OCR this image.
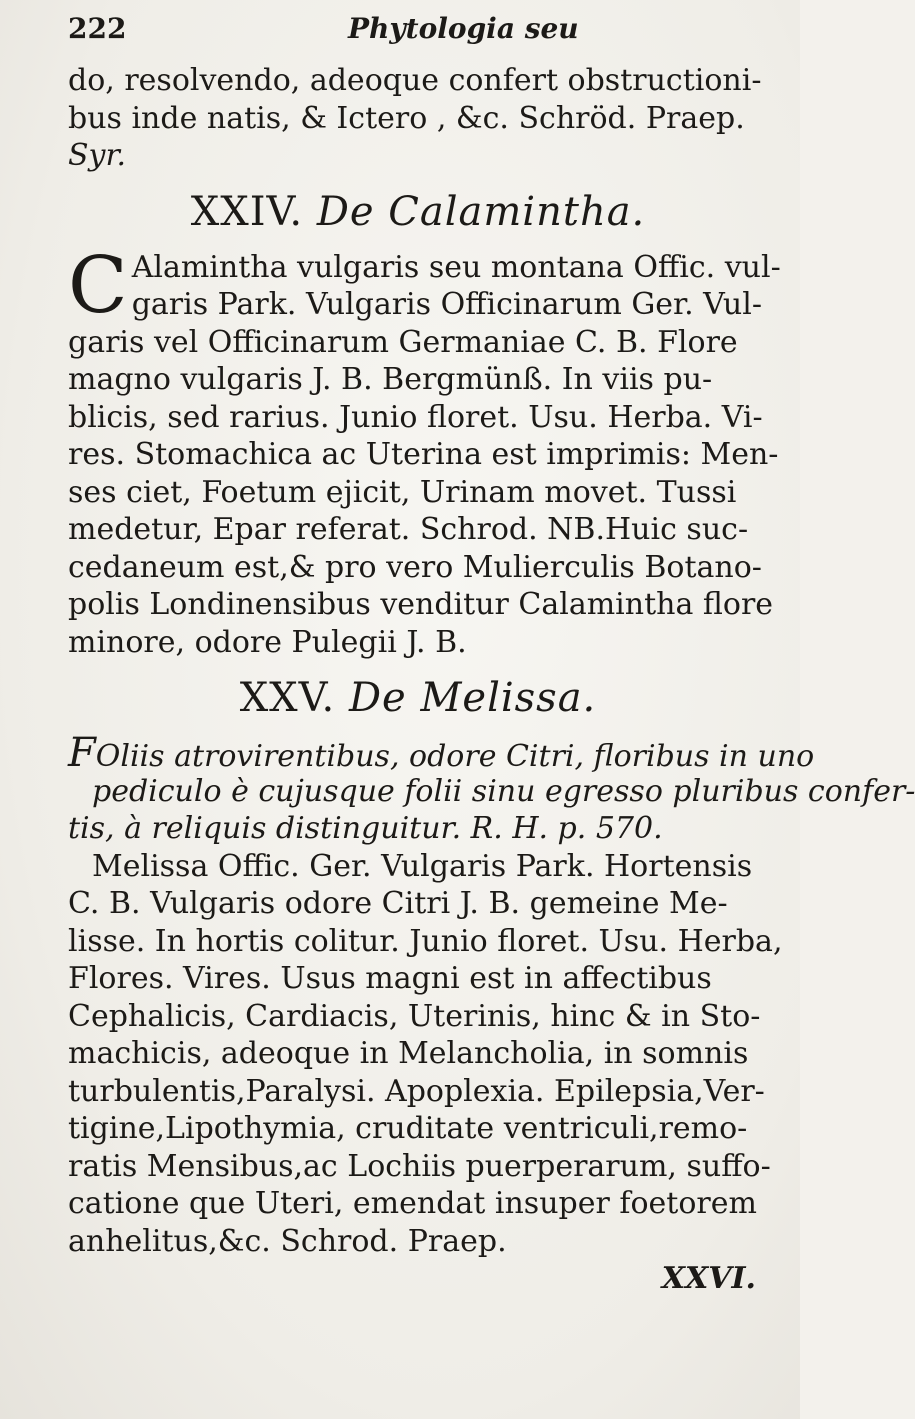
222	Phytologia seu
do, resolvendo, adeoque confert obstructioni-
bus inde natis, & Ictero , &c. Schröd. Praep.
Syr.
XXIV. De Calamintha.
C Alamintha vulgaris seu montana Offic. vul-
garis Park. Vulgaris Officinarum Ger. Vul-
garis vel Officinarum Germaniae C. B. Flore
magno vulgaris J. B. Bergmünß. In viis pu-
blicis, sed rarius. Junio floret. Usu. Herba. Vi-
res. Stomachica ac Uterina est imprimis: Men-
ses ciet, Foetum ejicit, Urinam movet. Tussi
medetur, Epar referat. Schrod. NB.Huic suc-
cedaneum est,& pro vero Mulierculis Botano-
polis Londinensibus venditur Calamintha flore
minore, odore Pulegii J. B.
XXV. De Melissa.
FOliis atrovirentibus, odore Citri, floribus in uno
pediculo è cujusque folii sinu egresso pluribus confer-
tis, à reliquis distinguitur. R. H. p. 570.
Melissa Offic. Ger. Vulgaris Park. Hortensis
C. B. Vulgaris odore Citri J. B. gemeine Me-
lisse. In hortis colitur. Junio floret. Usu. Herba,
Flores. Vires. Usus magni est in affectibus
Cephalicis, Cardiacis, Uterinis, hinc & in Sto-
machicis, adeoque in Melancholia, in somnis
turbulentis,Paralysi. Apoplexia. Epilepsia,Ver-
tigine,Lipothymia, cruditate ventriculi,remo-
ratis Mensibus,ac Lochiis puerperarum, suffo-
catione que Uteri, emendat insuper foetorem
anhelitus,&c. Schrod. Praep.
XXVI.
